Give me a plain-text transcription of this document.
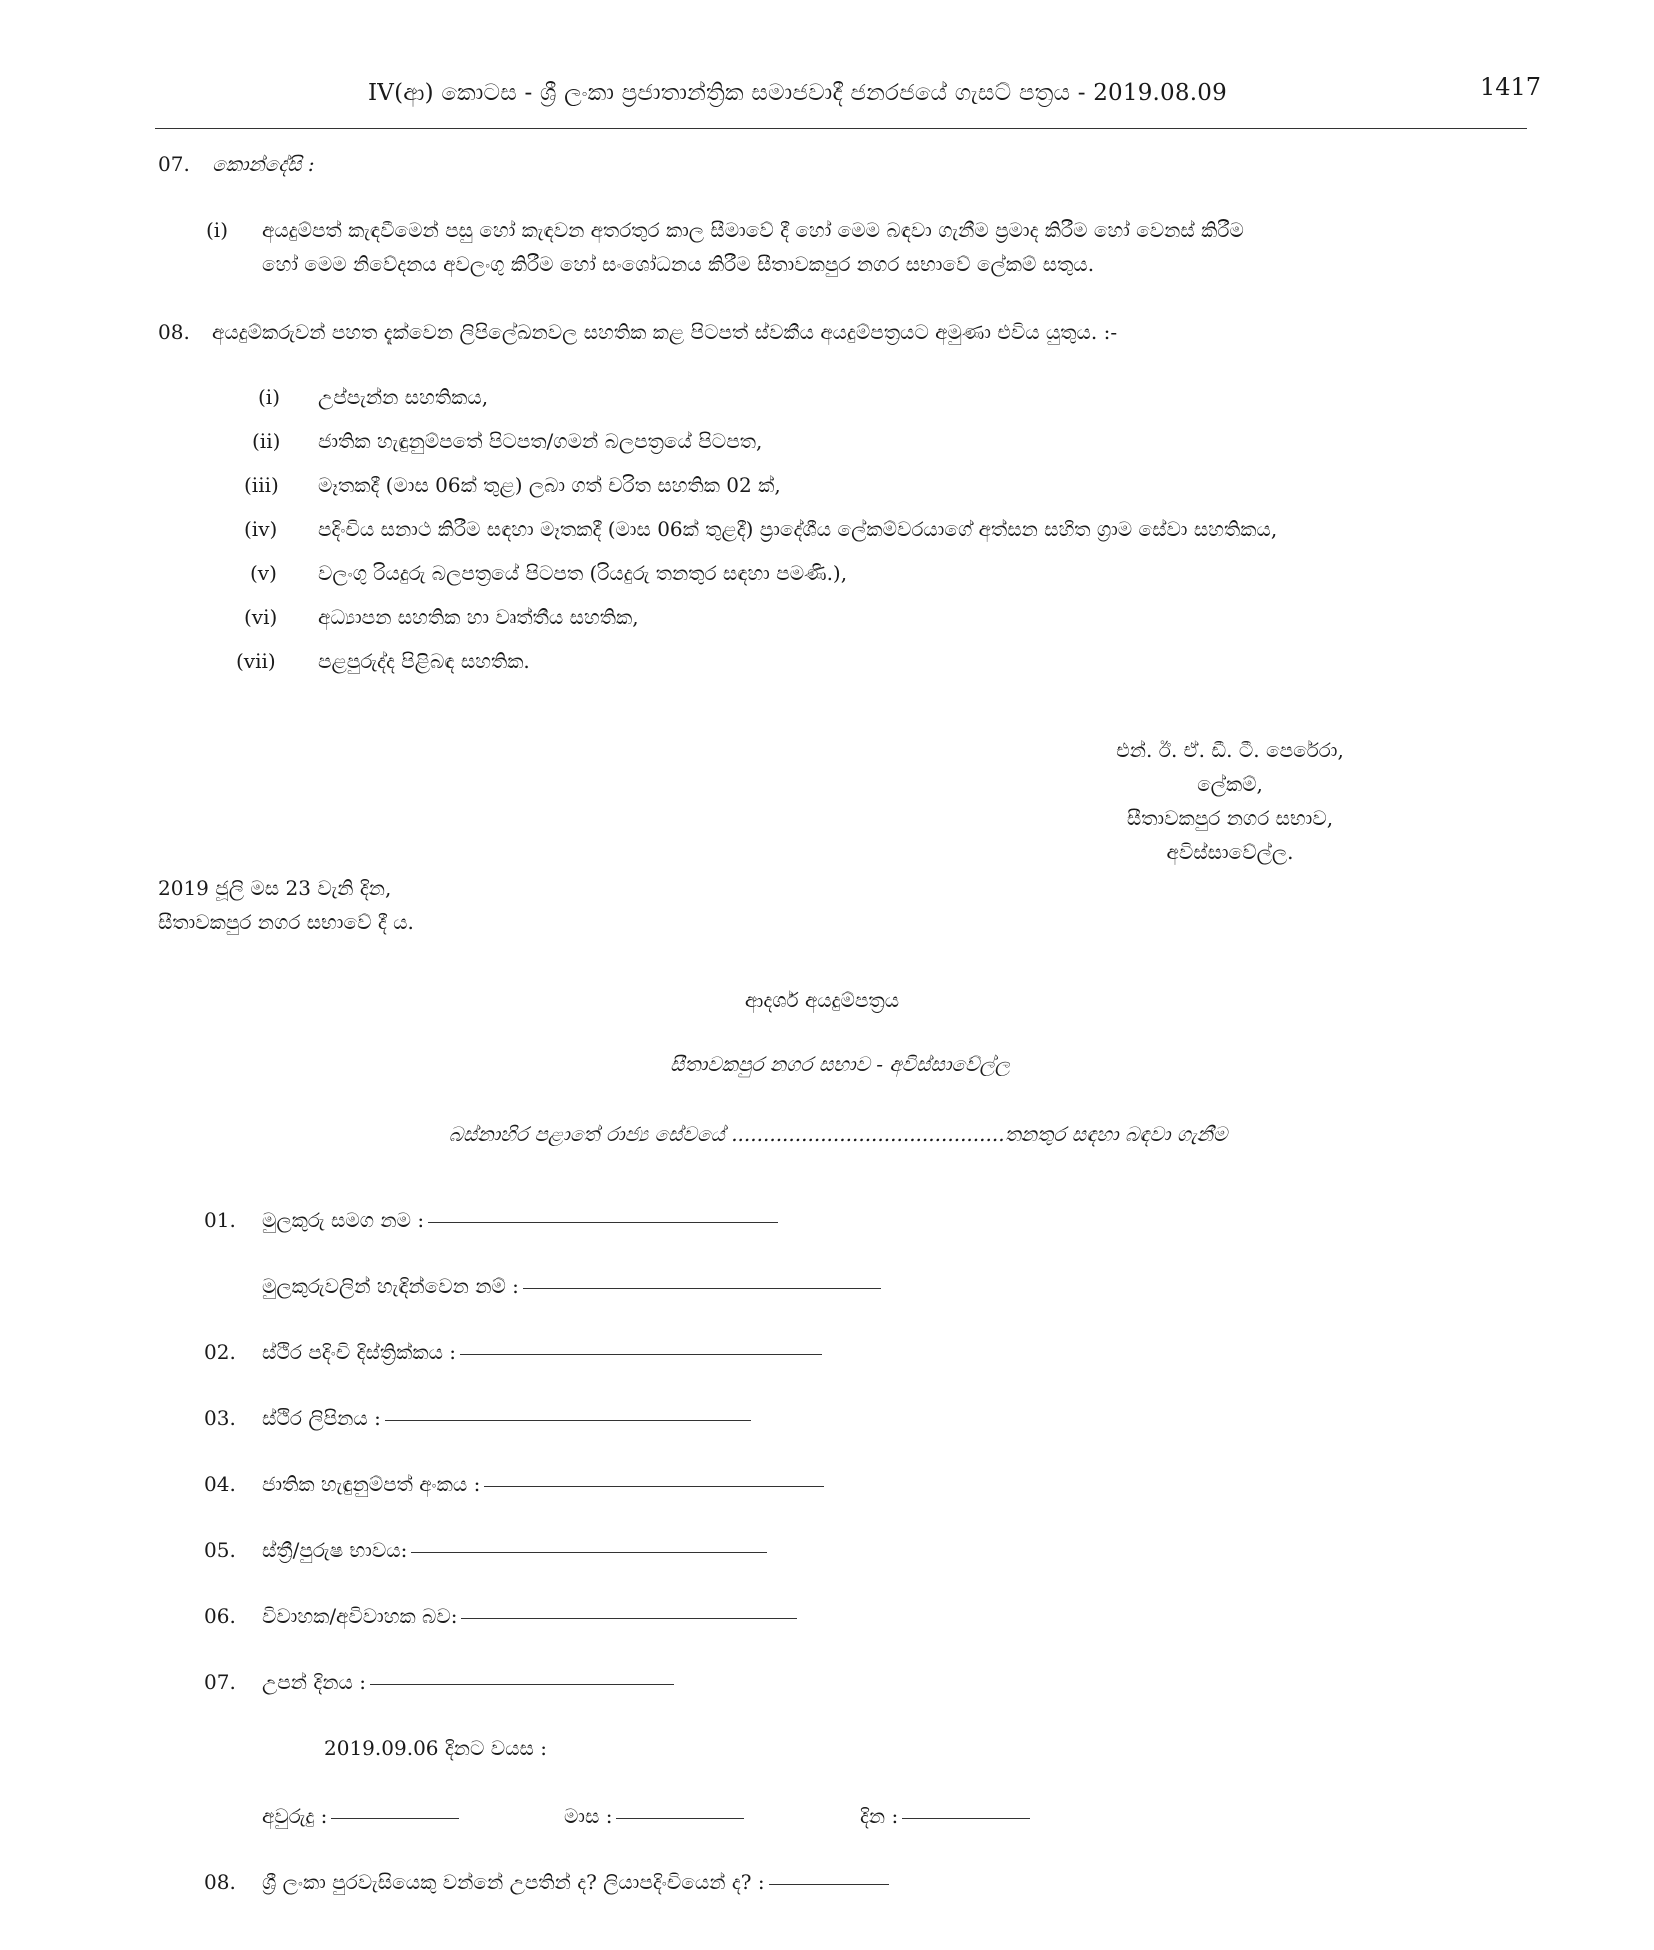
IV(ආ) කොටස - ශ්‍රී ලංකා ප්‍රජාතාන්ත්‍රික සමාජවාදී ජනරජයේ ගැසට් පත්‍රය - 2019.08.09	1417
07. කොන්දේසි :
(i) අයදුම්පත් කැඳවීමෙන් පසු හෝ කැඳවන අතරතුර කාල සීමාවේ දී හෝ මෙම බඳවා ගැනීම ප්‍රමාද කිරීම හෝ වෙනස් කිරීම
හෝ මෙම නිවේදනය අවලංගු කිරීම හෝ සංශෝධනය කිරීම සීතාවකපුර නගර සභාවේ ලේකම් සතුය.
08. අයදුම්කරුවන් පහත දැක්වෙන ලිපිලේඛනවල සහතික කළ පිටපත් ස්වකීය අයදුම්පත්‍රයට අමුණා එවිය යුතුය. :-
(i) උප්පැන්න සහතිකය,
(ii) ජාතික හැඳුනුම්පතේ පිටපත/ගමන් බලපත්‍රයේ පිටපත,
(iii) මෑතකදී (මාස 06ක් තුළ) ලබා ගත් චරිත සහතික 02 ක්,
(iv) පදිංචිය සනාථ කිරීම සඳහා මෑතකදී (මාස 06ක් තුළදී) ප්‍රාදේශීය ලේකම්වරයාගේ අත්සන සහිත ග්‍රාම සේවා සහතිකය,
(v) වලංගු රියදුරු බලපත්‍රයේ පිටපත (රියදුරු තනතුර සඳහා පමණි.),
(vi) අධ්‍යාපන සහතික හා වෘත්තීය සහතික,
(vii) පළපුරුද්ද පිළිබඳ සහතික.
එන්. ඊ. ඒ. ඩී. ටී. පෙරේරා,
ලේකම්,
සීතාවකපුර නගර සභාව,
අවිස්සාවේල්ල.
2019 ජූලි මස 23 වැනි දින,
සීතාවකපුර නගර සභාවේ දී ය.
ආදර්ශ අයදුම්පත්‍රය
සීතාවකපුර නගර සභාව - අවිස්සාවේල්ල
බස්නාහිර පළාතේ රාජ්‍ය සේවයේ ...........................................තනතුර සඳහා බඳවා ගැනීම
01. මුලකුරු සමග නම :
මුලකුරුවලින් හැඳින්වෙන නම් :
02. ස්ථිර පදිංචි දිස්ත්‍රික්කය :
03. ස්ථිර ලිපිනය :
04. ජාතික හැඳුනුම්පත් අංකය :
05. ස්ත්‍රී/පුරුෂ භාවය:
06. විවාහක/අවිවාහක බව:
07. උපන් දිනය :
2019.09.06 දිනට වයස :
අවුරුදු :	මාස :	දින :
08. ශ්‍රී ලංකා පුරවැසියෙකු වන්නේ උපතින් ද? ලියාපදිංචියෙන් ද? :
